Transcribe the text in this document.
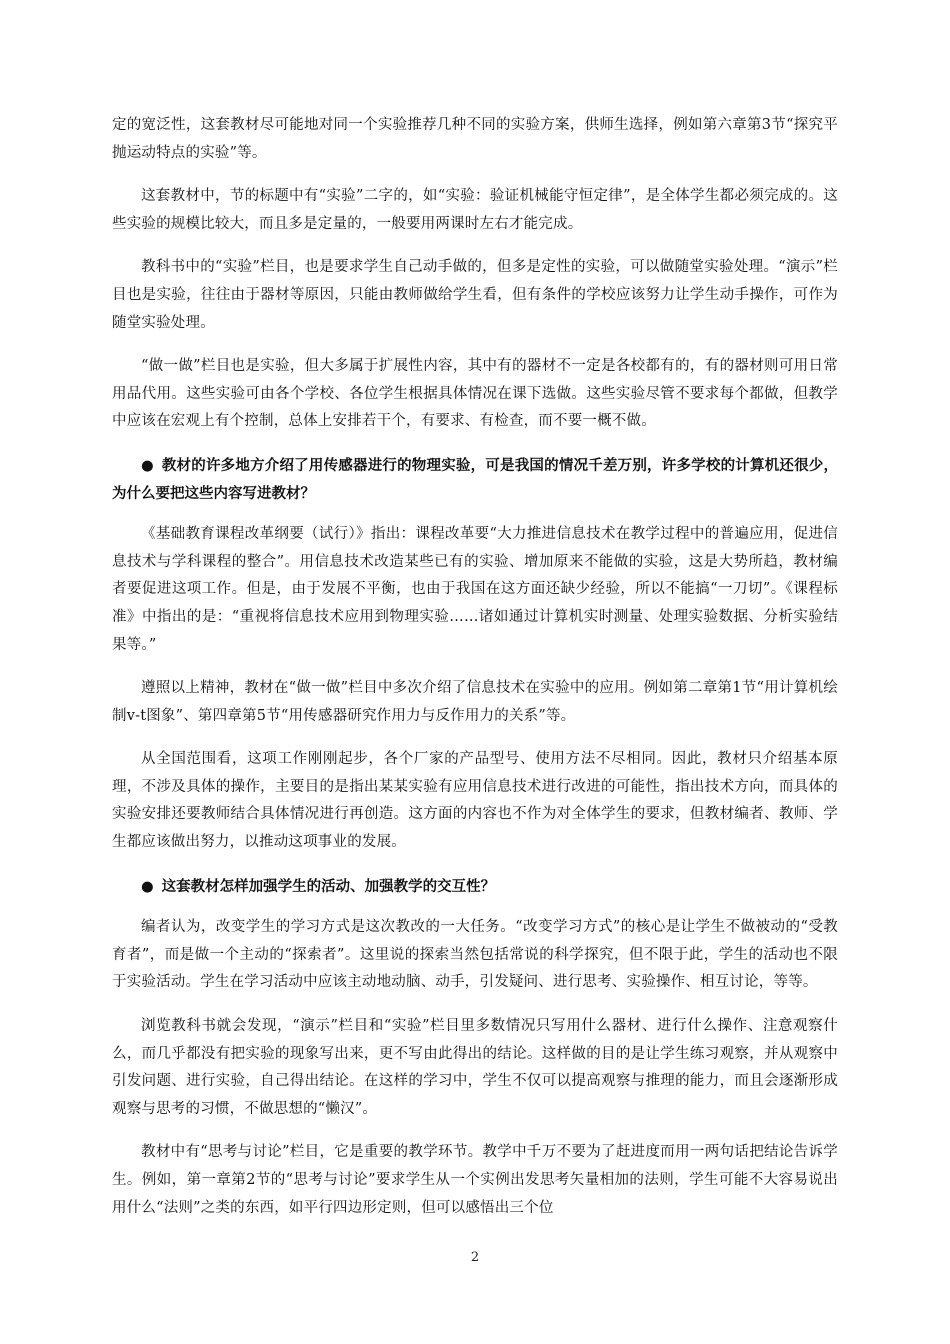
定的宽泛性，这套教材尽可能地对同一个实验推荐几种不同的实验方案，供师生选择，例如第六章第3节“探究平抛运动特点的实验”等。

这套教材中，节的标题中有“实验”二字的，如“实验：验证机械能守恒定律”，是全体学生都必须完成的。这些实验的规模比较大，而且多是定量的，一般要用两课时左右才能完成。

教科书中的“实验”栏目，也是要求学生自己动手做的，但多是定性的实验，可以做随堂实验处理。“演示”栏目也是实验，往往由于器材等原因，只能由教师做给学生看，但有条件的学校应该努力让学生动手操作，可作为随堂实验处理。

“做一做”栏目也是实验，但大多属于扩展性内容，其中有的器材不一定是各校都有的，有的器材则可用日常用品代用。这些实验可由各个学校、各位学生根据具体情况在课下选做。这些实验尽管不要求每个都做，但教学中应该在宏观上有个控制，总体上安排若干个，有要求、有检查，而不要一概不做。

● 教材的许多地方介绍了用传感器进行的物理实验，可是我国的情况千差万别，许多学校的计算机还很少，为什么要把这些内容写进教材？

《基础教育课程改革纲要（试行）》指出：课程改革要“大力推进信息技术在教学过程中的普遍应用，促进信息技术与学科课程的整合”。用信息技术改造某些已有的实验、增加原来不能做的实验，这是大势所趋，教材编者要促进这项工作。但是，由于发展不平衡，也由于我国在这方面还缺少经验，所以不能搞“一刀切”。《课程标准》中指出的是：“重视将信息技术应用到物理实验……诸如通过计算机实时测量、处理实验数据、分析实验结果等。”

遵照以上精神，教材在“做一做”栏目中多次介绍了信息技术在实验中的应用。例如第二章第1节“用计算机绘制v-t图象”、第四章第5节“用传感器研究作用力与反作用力的关系”等。

从全国范围看，这项工作刚刚起步，各个厂家的产品型号、使用方法不尽相同。因此，教材只介绍基本原理，不涉及具体的操作，主要目的是指出某某实验有应用信息技术进行改进的可能性，指出技术方向，而具体的实验安排还要教师结合具体情况进行再创造。这方面的内容也不作为对全体学生的要求，但教材编者、教师、学生都应该做出努力，以推动这项事业的发展。

● 这套教材怎样加强学生的活动、加强教学的交互性？

编者认为，改变学生的学习方式是这次教改的一大任务。“改变学习方式”的核心是让学生不做被动的“受教育者”，而是做一个主动的“探索者”。这里说的探索当然包括常说的科学探究，但不限于此，学生的活动也不限于实验活动。学生在学习活动中应该主动地动脑、动手，引发疑问、进行思考、实验操作、相互讨论，等等。

浏览教科书就会发现，“演示”栏目和“实验”栏目里多数情况只写用什么器材、进行什么操作、注意观察什么，而几乎都没有把实验的现象写出来，更不写由此得出的结论。这样做的目的是让学生练习观察，并从观察中引发问题、进行实验，自己得出结论。在这样的学习中，学生不仅可以提高观察与推理的能力，而且会逐渐形成观察与思考的习惯，不做思想的“懒汉”。

教材中有“思考与讨论”栏目，它是重要的教学环节。教学中千万不要为了赶进度而用一两句话把结论告诉学生。例如，第一章第2节的“思考与讨论”要求学生从一个实例出发思考矢量相加的法则，学生可能不大容易说出用什么“法则”之类的东西，如平行四边形定则，但可以感悟出三个位

2
